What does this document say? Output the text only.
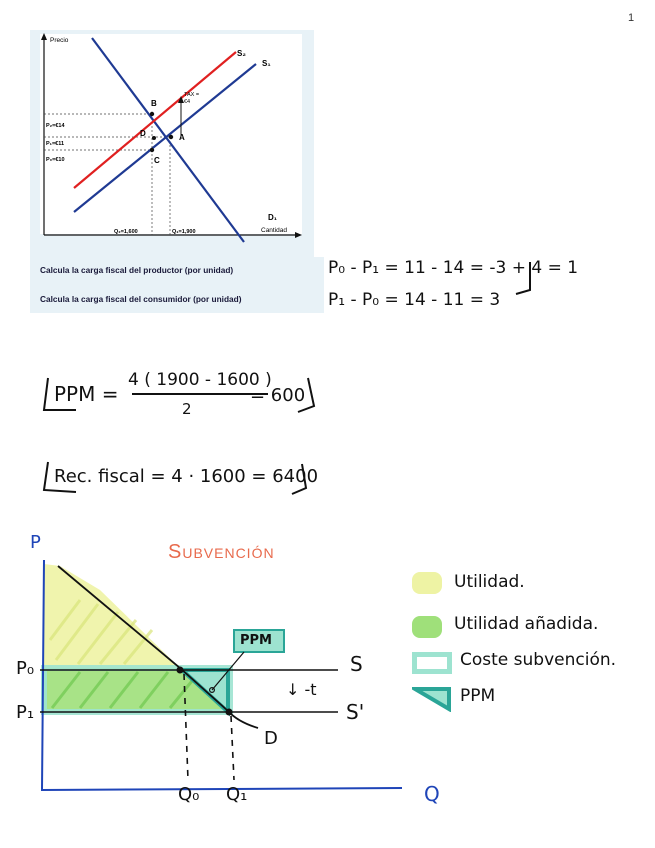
1
Precio
Cantidad
TAX =
€4
B
A
C
D
S₂
S₁
D₁
P₂=€14
P₁=€11
P₀=€10
Q₂=1,600	Q₁=1,900
Calcula la carga fiscal del productor (por unidad)
Calcula la carga fiscal del consumidor (por unidad)
P₀ - P₁ = 11 - 14 = -3 + 4 = 1
P₁ - P₀ = 14 - 11 = 3
PPM =
4 ( 1900 - 1600 )
2
= 600
Rec. fiscal = 4 · 1600 = 6400
Subvención
P
Q
P₀
P₁
Q₀ Q₁
S
S'
D
↓ -t
PPM
Utilidad.
Utilidad añadida.
Coste subvención.
PPM
